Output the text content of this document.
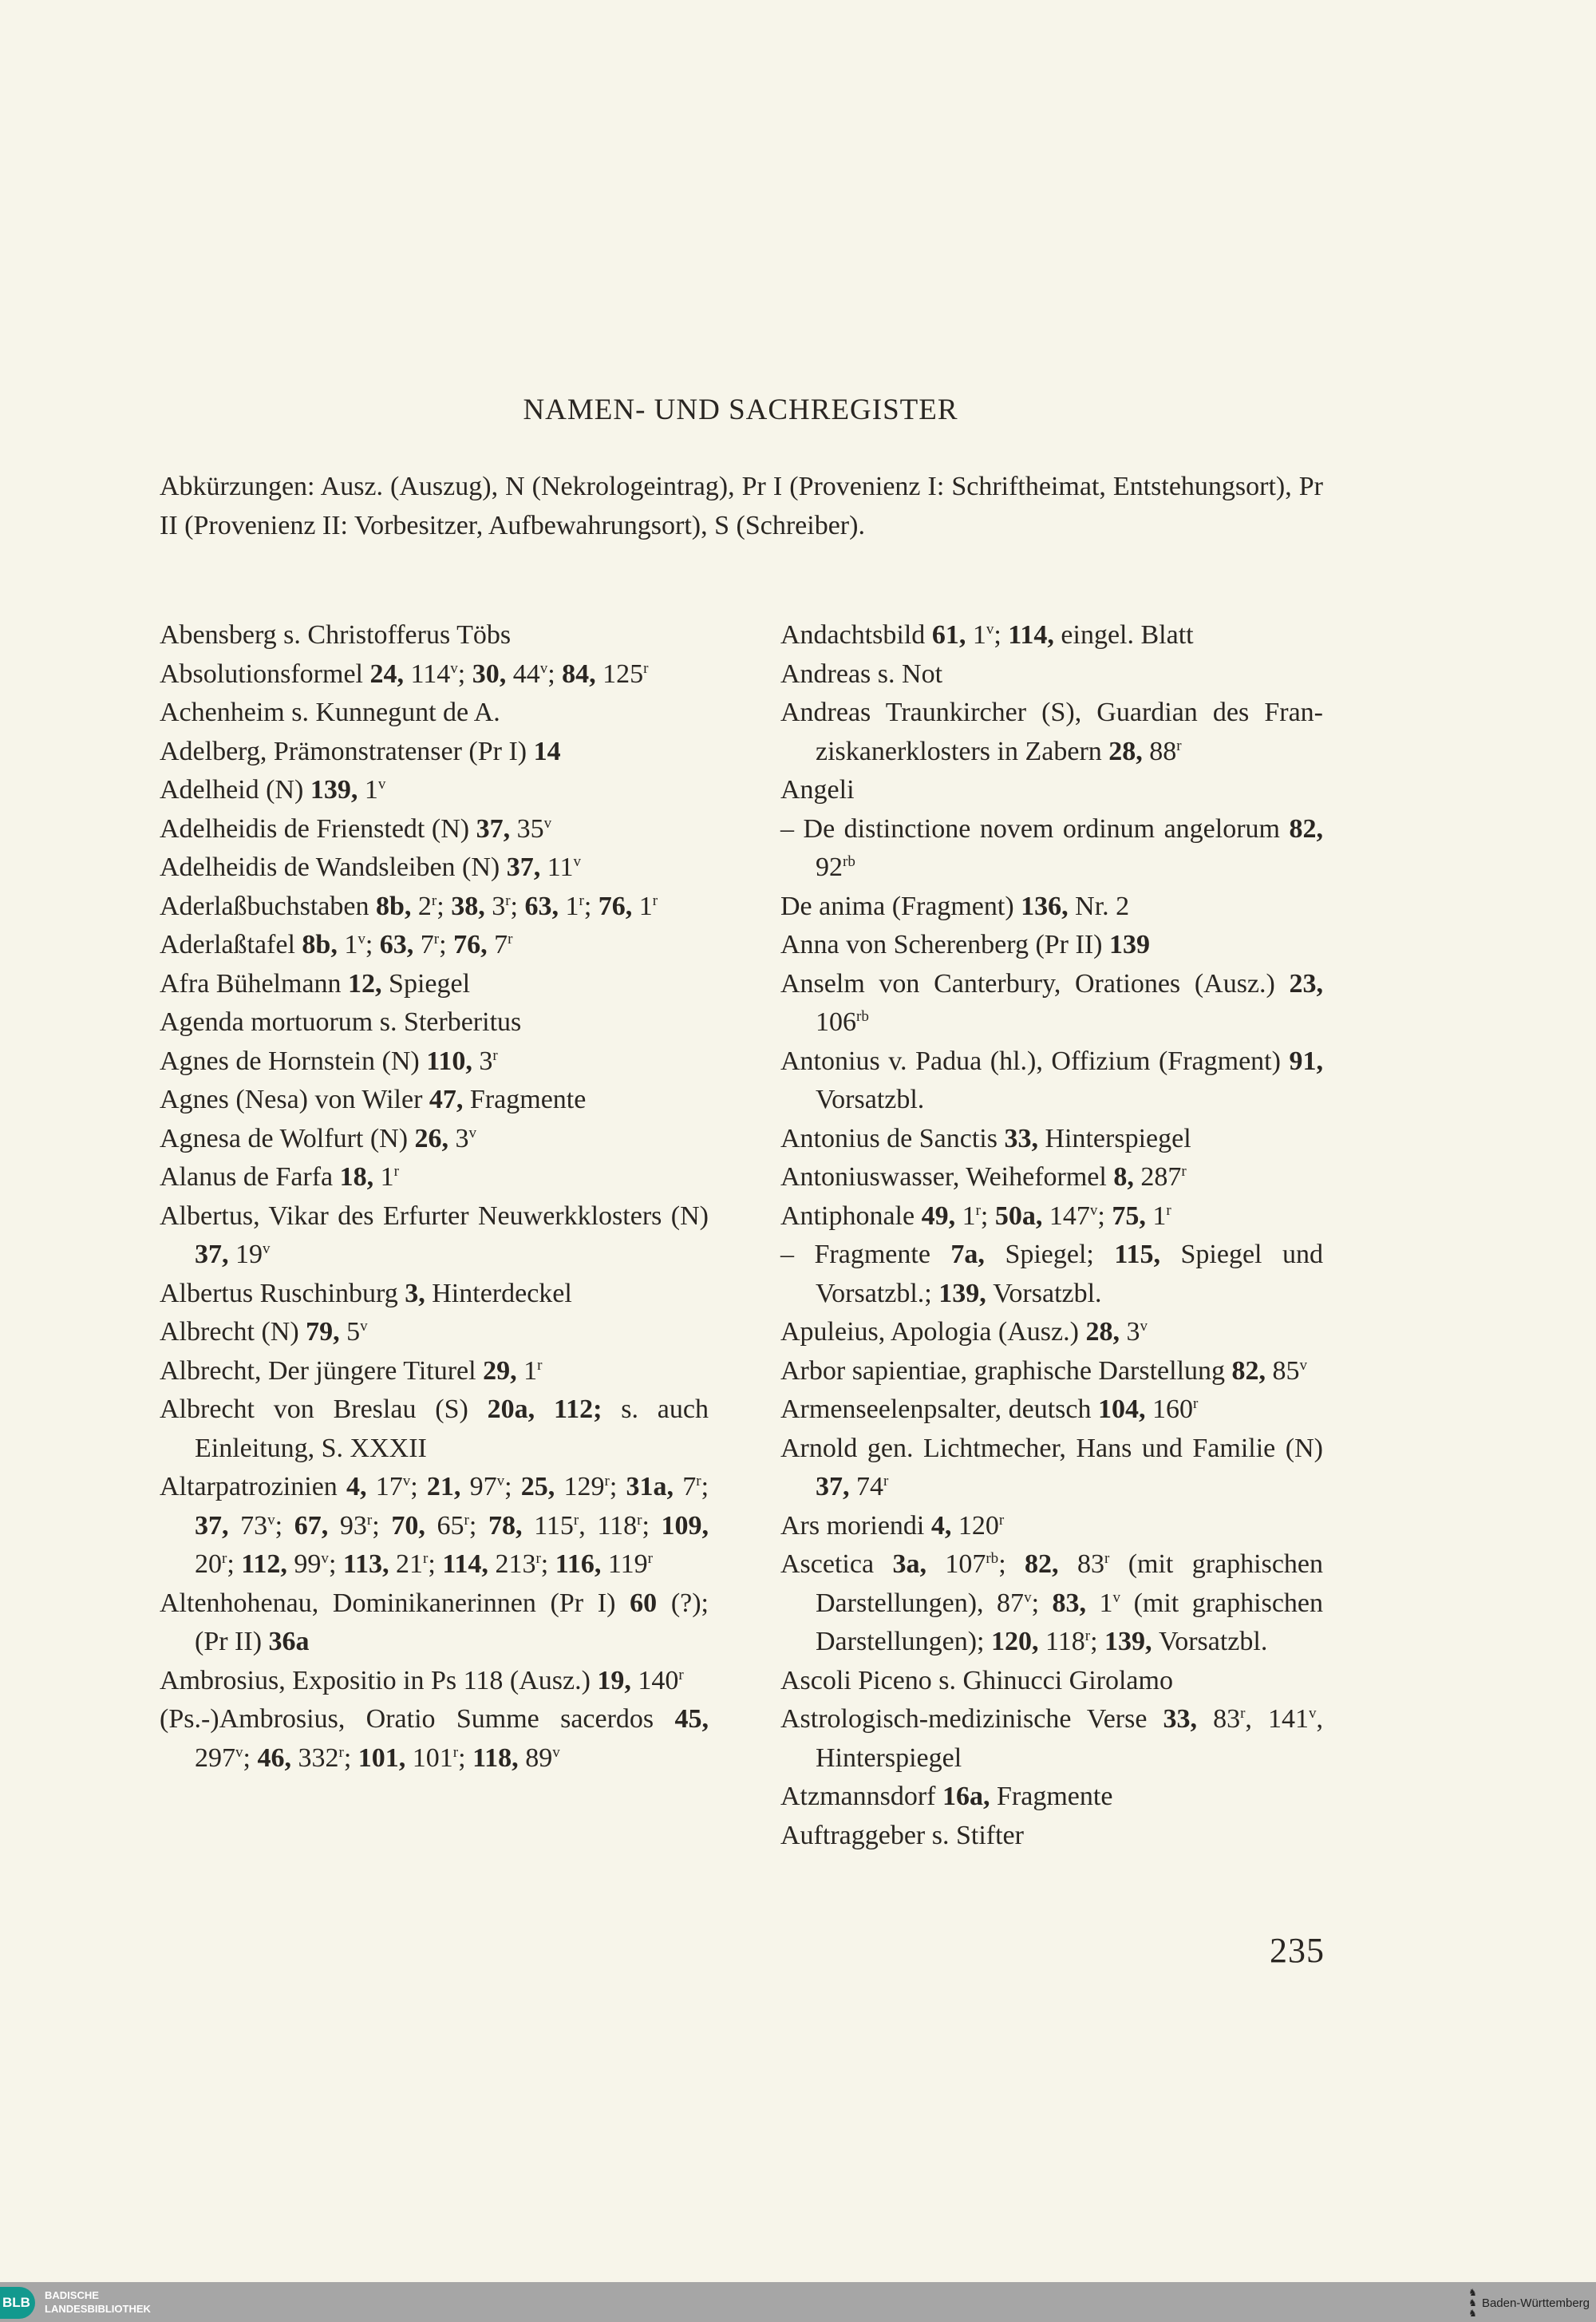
NAMEN- UND SACHREGISTER
Abkürzungen: Ausz. (Auszug), N (Nekrologeintrag), Pr I (Provenienz I: Schriftheimat, Entstehungsort), Pr II (Provenienz II: Vorbesitzer, Aufbewahrungsort), S (Schreiber).
Abensberg s. Christofferus Töbs
Absolutionsformel 24, 114$^v$; 30, 44$^v$; 84, 125$^r$
Achenheim s. Kunnegunt de A.
Adelberg, Prämonstratenser (Pr I) 14
Adelheid (N) 139, 1$^v$
Adelheidis de Frienstedt (N) 37, 35$^v$
Adelheidis de Wandsleiben (N) 37, 11$^v$
Aderlaßbuchstaben 8b, 2$^r$; 38, 3$^r$; 63, 1$^r$; 76, 1$^r$
Aderlaßtafel 8b, 1$^v$; 63, 7$^r$; 76, 7$^r$
Afra Bühelmann 12, Spiegel
Agenda mortuorum s. Sterberitus
Agnes de Hornstein (N) 110, 3$^r$
Agnes (Nesa) von Wiler 47, Fragmente
Agnesa de Wolfurt (N) 26, 3$^v$
Alanus de Farfa 18, 1$^r$
Albertus, Vikar des Erfurter Neuwerkklosters (N) 37, 19$^v$
Albertus Ruschinburg 3, Hinterdeckel
Albrecht (N) 79, 5$^v$
Albrecht, Der jüngere Titurel 29, 1$^r$
Albrecht von Breslau (S) 20a, 112; s. auch Einleitung, S. XXXII
Altarpatrozinien 4, 17$^v$; 21, 97$^v$; 25, 129$^r$; 31a, 7$^r$; 37, 73$^v$; 67, 93$^r$; 70, 65$^r$; 78, 115$^r$, 118$^r$; 109, 20$^r$; 112, 99$^v$; 113, 21$^r$; 114, 213$^r$; 116, 119$^r$
Altenhohenau, Dominikanerinnen (Pr I) 60 (?); (Pr II) 36a
Ambrosius, Expositio in Ps 118 (Ausz.) 19, 140$^r$
(Ps.-)Ambrosius, Oratio Summe sacerdos 45, 297$^v$; 46, 332$^r$; 101, 101$^r$; 118, 89$^v$
Andachtsbild 61, 1$^v$; 114, eingel. Blatt
Andreas s. Not
Andreas Traunkircher (S), Guardian des Franziskanerklosters in Zabern 28, 88$^r$
Angeli
– De distinctione novem ordinum angelorum 82, $92^{rb}$
De anima (Fragment) 136, Nr. 2
Anna von Scherenberg (Pr II) 139
Anselm von Canterbury, Orationes (Ausz.) 23, $106^{rb}$
Antonius v. Padua (hl.), Offizium (Fragment) 91, Vorsatzbl.
Antonius de Sanctis 33, Hinterspiegel
Antoniuswasser, Weiheformel 8, 287$^r$
Antiphonale 49, 1$^r$; 50a, 147$^v$; 75, 1$^r$
– Fragmente 7a, Spiegel; 115, Spiegel und Vorsatzbl.; 139, Vorsatzbl.
Apuleius, Apologia (Ausz.) 28, 3$^v$
Arbor sapientiae, graphische Darstellung 82, 85$^v$
Armenseelenpsalter, deutsch 104, 160$^r$
Arnold gen. Lichtmecher, Hans und Familie (N) 37, 74$^r$
Ars moriendi 4, 120$^r$
Ascetica 3a, $107^{rb}$; 82, 83$^r$ (mit graphischen Darstellungen), 87$^v$; 83, 1$^v$ (mit graphischen Darstellungen); 120, 118$^r$; 139, Vorsatzbl.
Ascoli Piceno s. Ghinucci Girolamo
Astrologisch-medizinische Verse 33, 83$^r$, 141$^v$, Hinterspiegel
Atzmannsdorf 16a, Fragmente
Auftraggeber s. Stifter
235
BLB	BADISCHE
LANDESBIBLIOTHEK
♞
♞
♞
Baden-Württemberg
